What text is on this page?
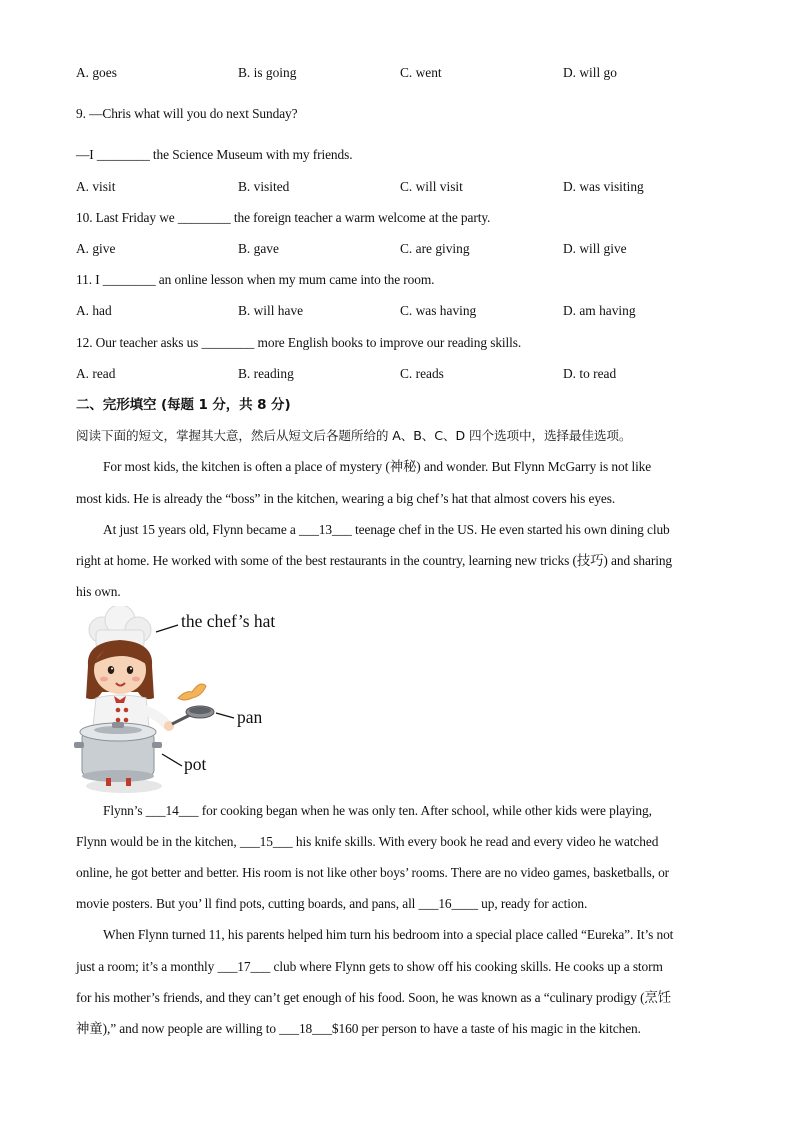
A. goes	B. is going	C. went	D. will go
9. —Chris what will you do next Sunday?
—I ________ the Science Museum with my friends.
A. visit	B. visited	C. will visit	D. was visiting
10. Last Friday we ________ the foreign teacher a warm welcome at the party.
A. give	B. gave	C. are giving	D. will give
11. I ________ an online lesson when my mum came into the room.
A. had	B. will have	C. was having	D. am having
12. Our teacher asks us ________ more English books to improve our reading skills.
A. read	B. reading	C. reads	D. to read
二、完形填空 (每题 1 分，共 8 分)
阅读下面的短文，掌握其大意，然后从短文后各题所给的 A、B、C、D 四个选项中，选择最佳选项。
For most kids, the kitchen is often a place of mystery (神秘) and wonder. But Flynn McGarry is not like
most kids. He is already the “boss” in the kitchen, wearing a big chef’s hat that almost covers his eyes.
At just 15 years old, Flynn became a ___13___ teenage chef in the US. He even started his own dining club
right at home. He worked with some of the best restaurants in the country, learning new tricks (技巧) and sharing
his own.
the chef’s hat
pan
pot
Flynn’s ___14___ for cooking began when he was only ten. After school, while other kids were playing,
Flynn would be in the kitchen, ___15___ his knife skills. With every book he read and every video he watched
online, he got better and better. His room is not like other boys’ rooms. There are no video games, basketballs, or
movie posters. But you’ ll find pots, cutting boards, and pans, all ___16____ up, ready for action.
When Flynn turned 11, his parents helped him turn his bedroom into a special place called “Eureka”. It’s not
just a room; it’s a monthly ___17___ club where Flynn gets to show off his cooking skills. He cooks up a storm
for his mother’s friends, and they can’t get enough of his food. Soon, he was known as a “culinary prodigy (烹饪
神童),” and now people are willing to ___18___$160 per person to have a taste of his magic in the kitchen.
